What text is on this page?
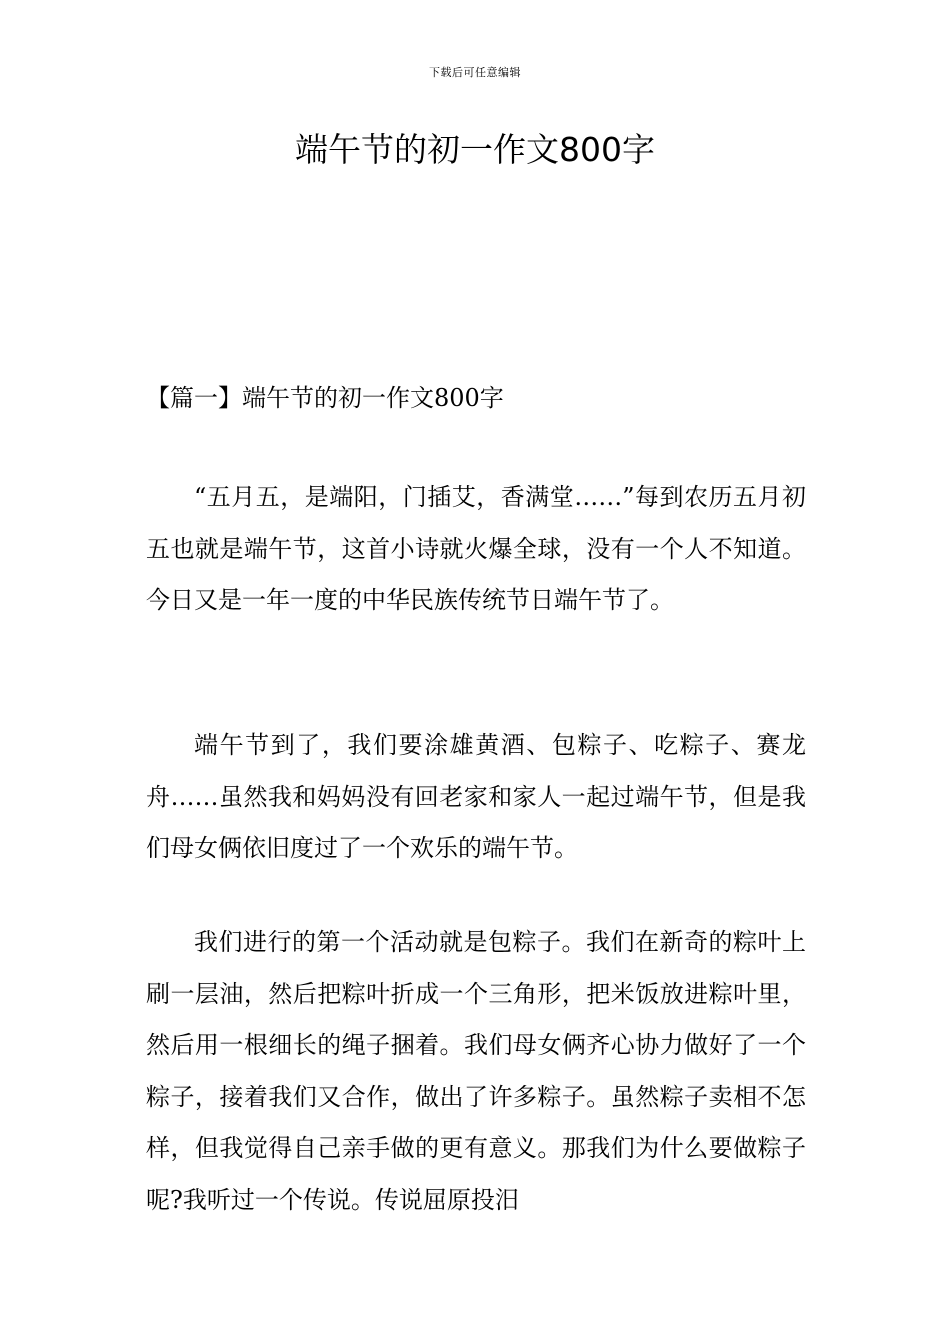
下载后可任意编辑
端午节的初一作文800字
【篇一】端午节的初一作文800字

“五月五，是端阳，门插艾，香满堂……”每到农历五月初五也就是端午节，这首小诗就火爆全球，没有一个人不知道。今日又是一年一度的中华民族传统节日端午节了。

端午节到了，我们要涂雄黄酒、包粽子、吃粽子、赛龙舟……虽然我和妈妈没有回老家和家人一起过端午节，但是我们母女俩依旧度过了一个欢乐的端午节。

我们进行的第一个活动就是包粽子。我们在新奇的粽叶上刷一层油，然后把粽叶折成一个三角形，把米饭放进粽叶里，然后用一根细长的绳子捆着。我们母女俩齐心协力做好了一个粽子，接着我们又合作，做出了许多粽子。虽然粽子卖相不怎样，但我觉得自己亲手做的更有意义。那我们为什么要做粽子呢?我听过一个传说。传说屈原投汨
